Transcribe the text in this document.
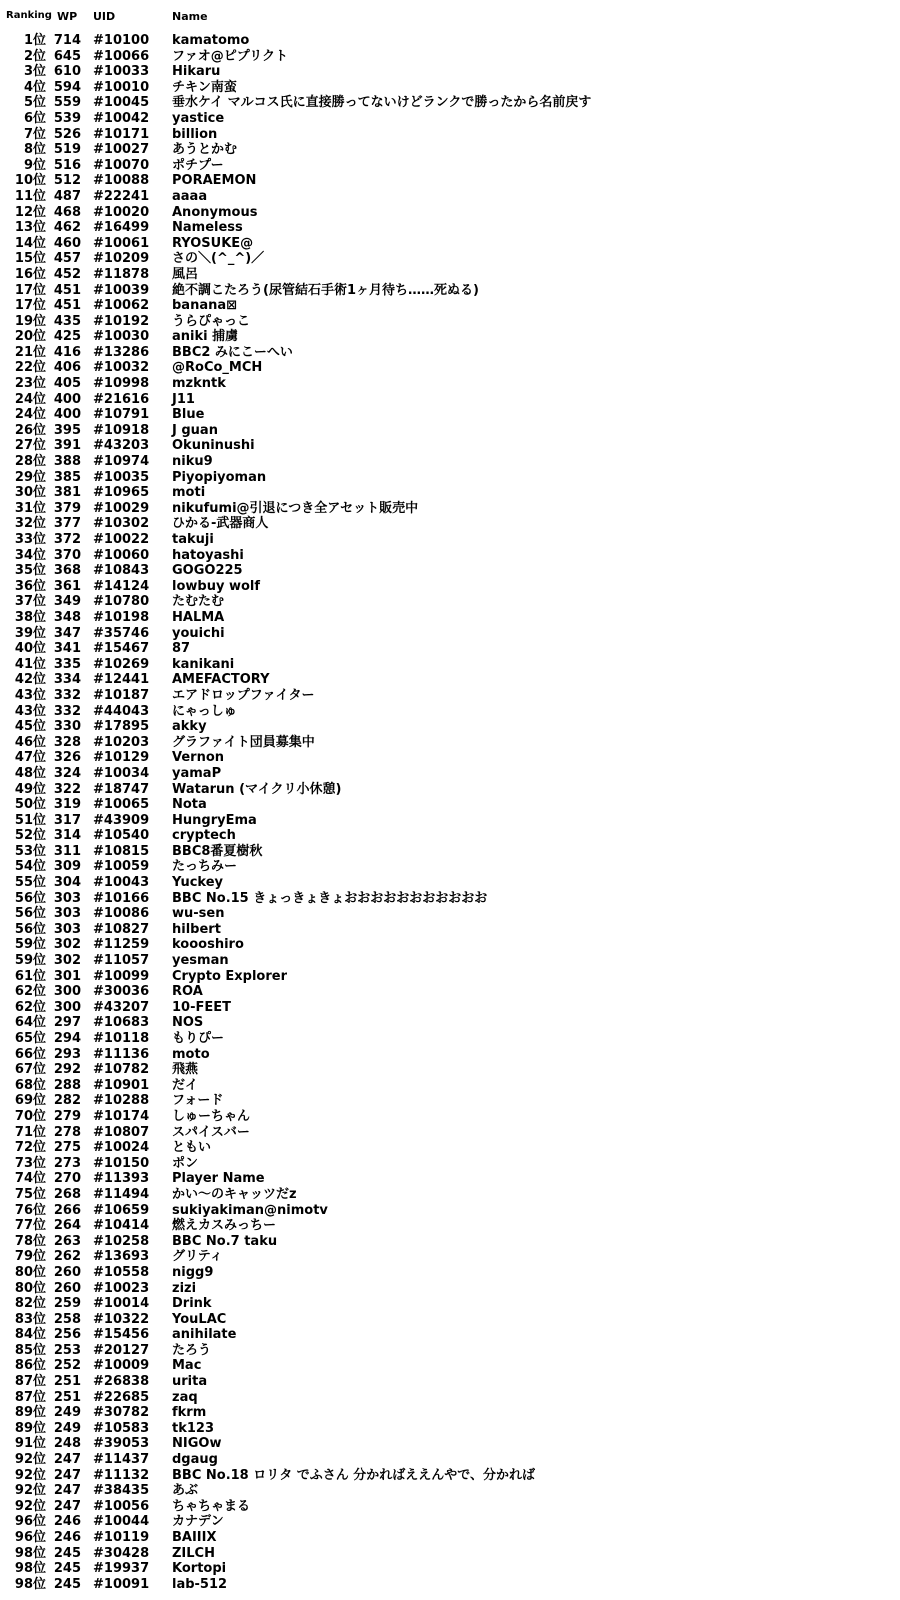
Ranking WP UID	Name
1位 714 #10100 kamatomo
2位 645 #10066 ファオ@ピプリクト
3位 610 #10033 Hikaru
4位 594 #10010 チキン南蛮
5位 559 #10045 垂水ケイ マルコス氏に直接勝ってないけどランクで勝ったから名前戻す
6位 539 #10042 yastice
7位 526 #10171 billion
8位 519 #10027 あうとかむ
9位 516 #10070 ポチプー
10位 512 #10088 PORAEMON
11位 487 #22241 aaaa
12位 468 #10020 Anonymous
13位 462 #16499 Nameless
14位 460 #10061 RYOSUKE@
15位 457 #10209 さの＼(^_^)／
16位 452 #11878 風呂
17位 451 #10039 絶不調こたろう(尿管結石手術1ヶ月待ち……死ぬる)
17位 451 #10062 banana⊠
19位 435 #10192 うらぴゃっこ
20位 425 #10030 aniki 捕虜
21位 416 #13286 BBC2 みにこーへい
22位 406 #10032 @RoCo_MCH
23位 405 #10998 mzkntk
24位 400 #21616 J11
24位 400 #10791 Blue
26位 395 #10918 J guan
27位 391 #43203 Okuninushi
28位 388 #10974 niku9
29位 385 #10035 Piyopiyoman
30位 381 #10965 moti
31位 379 #10029 nikufumi@引退につき全アセット販売中
32位 377 #10302 ひかる-武器商人
33位 372 #10022 takuji
34位 370 #10060 hatoyashi
35位 368 #10843 GOGO225
36位 361 #14124 lowbuy wolf
37位 349 #10780 たむたむ
38位 348 #10198 HALMA
39位 347 #35746 youichi
40位 341 #15467 87
41位 335 #10269 kanikani
42位 334 #12441 AMEFACTORY
43位 332 #10187 エアドロップファイター
43位 332 #44043 にゃっしゅ
45位 330 #17895 akky
46位 328 #10203 グラファイト団員募集中
47位 326 #10129 Vernon
48位 324 #10034 yamaP
49位 322 #18747 Watarun (マイクリ小休憩)
50位 319 #10065 Nota
51位 317 #43909 HungryEma
52位 314 #10540 cryptech
53位 311 #10815 BBC8番夏樹秋
54位 309 #10059 たっちみー
55位 304 #10043 Yuckey
56位 303 #10166 BBC No.15 きょっきょきょおおおおおおおおおおお
56位 303 #10086 wu-sen
56位 303 #10827 hilbert
59位 302 #11259 koooshiro
59位 302 #11057 yesman
61位 301 #10099 Crypto Explorer
62位 300 #30036 ROA
62位 300 #43207 10-FEET
64位 297 #10683 NOS
65位 294 #10118 もりぴー
66位 293 #11136 moto
67位 292 #10782 飛燕
68位 288 #10901 だイ
69位 282 #10288 フォード
70位 279 #10174 しゅーちゃん
71位 278 #10807 スパイスバー
72位 275 #10024 ともい
73位 273 #10150 ポン
74位 270 #11393 Player Name
75位 268 #11494 かい〜のキャッツだz
76位 266 #10659 sukiyakiman@nimotv
77位 264 #10414 燃えカスみっちー
78位 263 #10258 BBC No.7 taku
79位 262 #13693 グリティ
80位 260 #10558 nigg9
80位 260 #10023 zizi
82位 259 #10014 Drink
83位 258 #10322 YouLAC
84位 256 #15456 anihilate
85位 253 #20127 たろう
86位 252 #10009 Mac
87位 251 #26838 urita
87位 251 #22685 zaq
89位 249 #30782 fkrm
89位 249 #10583 tk123
91位 248 #39053 NIGOw
92位 247 #11437 dgaug
92位 247 #11132 BBC No.18 ロリタ でふさん 分かればええんやで、分かれば
92位 247 #38435 あぶ
92位 247 #10056 ちゃちゃまる
96位 246 #10044 カナデン
96位 246 #10119 BAIIIX
98位 245 #30428 ZILCH
98位 245 #19937 Kortopi
98位 245 #10091 lab-512
